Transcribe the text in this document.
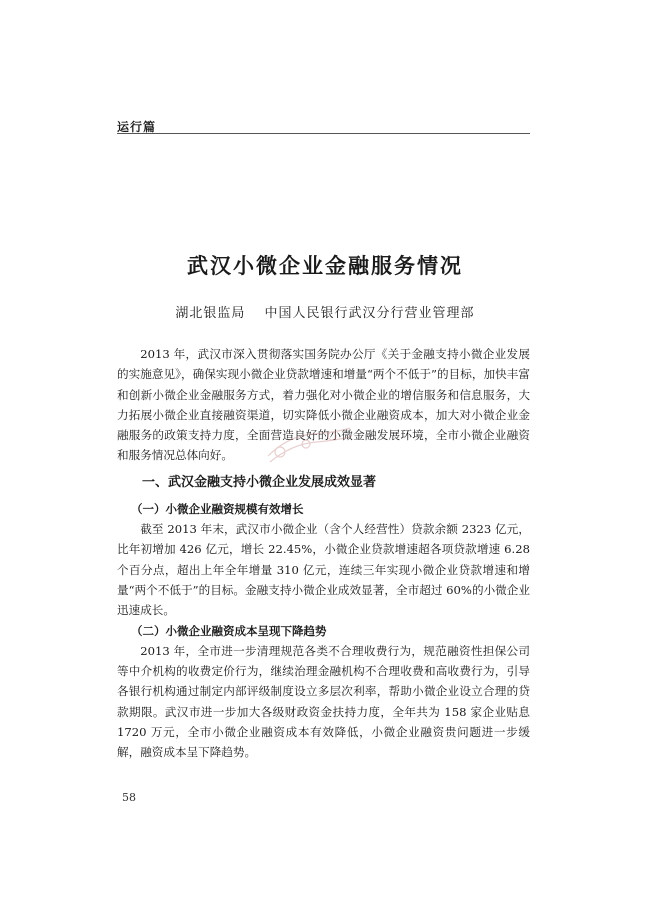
运行篇
武汉小微企业金融服务情况
湖北银监局 中国人民银行武汉分行营业管理部

2013 年，武汉市深入贯彻落实国务院办公厅《关于金融支持小微企业发展的实施意见》，确保实现小微企业贷款增速和增量“两个不低于”的目标，加快丰富和创新小微企业金融服务方式，着力强化对小微企业的增信服务和信息服务，大力拓展小微企业直接融资渠道，切实降低小微企业融资成本，加大对小微企业金融服务的政策支持力度，全面营造良好的小微金融发展环境，全市小微企业融资和服务情况总体向好。

一、武汉金融支持小微企业发展成效显著
（一）小微企业融资规模有效增长

截至 2013 年末，武汉市小微企业（含个人经营性）贷款余额 2323 亿元，比年初增加 426 亿元，增长 22.45%，小微企业贷款增速超各项贷款增速 6.28 个百分点，超出上年全年增量 310 亿元，连续三年实现小微企业贷款增速和增量“两个不低于”的目标。金融支持小微企业成效显著，全市超过 60%的小微企业迅速成长。

（二）小微企业融资成本呈现下降趋势

2013 年，全市进一步清理规范各类不合理收费行为，规范融资性担保公司等中介机构的收费定价行为，继续治理金融机构不合理收费和高收费行为，引导各银行机构通过制定内部评级制度设立多层次利率，帮助小微企业设立合理的贷款期限。武汉市进一步加大各级财政资金扶持力度，全年共为 158 家企业贴息 1720 万元，全市小微企业融资成本有效降低，小微企业融资贵问题进一步缓解，融资成本呈下降趋势。

58
